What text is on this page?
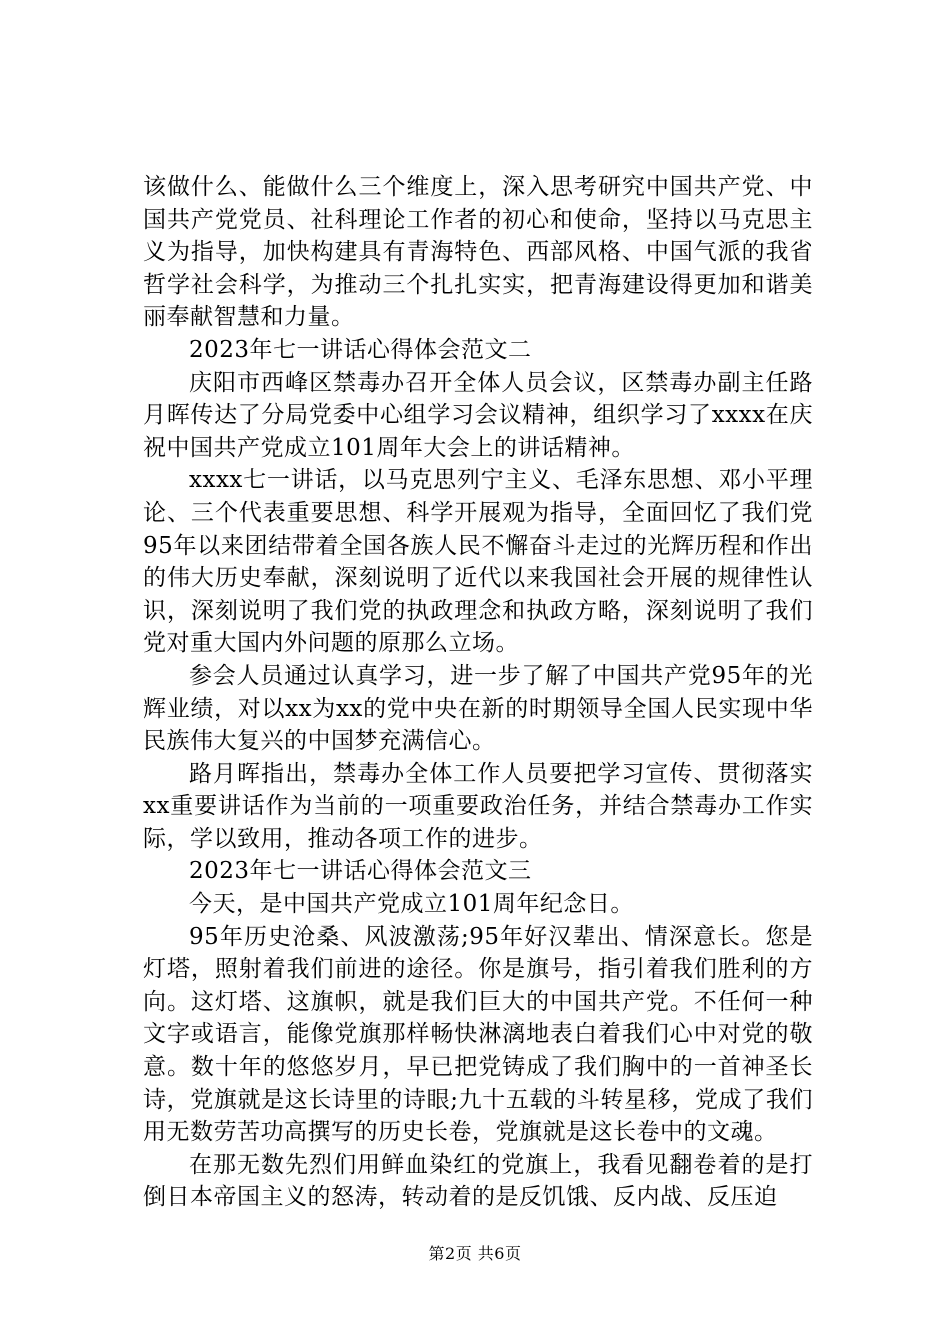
该做什么、能做什么三个维度上，深入思考研究中国共产党、中国共产党党员、社科理论工作者的初心和使命，坚持以马克思主义为指导，加快构建具有青海特色、西部风格、中国气派的我省哲学社会科学，为推动三个扎扎实实，把青海建设得更加和谐美丽奉献智慧和力量。

2023年七一讲话心得体会范文二

庆阳市西峰区禁毒办召开全体人员会议，区禁毒办副主任路月晖传达了分局党委中心组学习会议精神，组织学习了xxxx在庆祝中国共产党成立101周年大会上的讲话精神。

xxxx七一讲话，以马克思列宁主义、毛泽东思想、邓小平理论、三个代表重要思想、科学开展观为指导，全面回忆了我们党95年以来团结带着全国各族人民不懈奋斗走过的光辉历程和作出的伟大历史奉献，深刻说明了近代以来我国社会开展的规律性认识，深刻说明了我们党的执政理念和执政方略，深刻说明了我们党对重大国内外问题的原那么立场。

参会人员通过认真学习，进一步了解了中国共产党95年的光辉业绩，对以xx为xx的党中央在新的时期领导全国人民实现中华民族伟大复兴的中国梦充满信心。

路月晖指出，禁毒办全体工作人员要把学习宣传、贯彻落实xx重要讲话作为当前的一项重要政治任务，并结合禁毒办工作实际，学以致用，推动各项工作的进步。

2023年七一讲话心得体会范文三

今天，是中国共产党成立101周年纪念日。

95年历史沧桑、风波激荡;95年好汉辈出、情深意长。您是灯塔，照射着我们前进的途径。你是旗号，指引着我们胜利的方向。这灯塔、这旗帜，就是我们巨大的中国共产党。不任何一种文字或语言，能像党旗那样畅快淋漓地表白着我们心中对党的敬意。数十年的悠悠岁月，早已把党铸成了我们胸中的一首神圣长诗，党旗就是这长诗里的诗眼;九十五载的斗转星移，党成了我们用无数劳苦功高撰写的历史长卷，党旗就是这长卷中的文魂。

在那无数先烈们用鲜血染红的党旗上，我看见翻卷着的是打倒日本帝国主义的怒涛，转动着的是反饥饿、反内战、反压迫

第2页 共6页
